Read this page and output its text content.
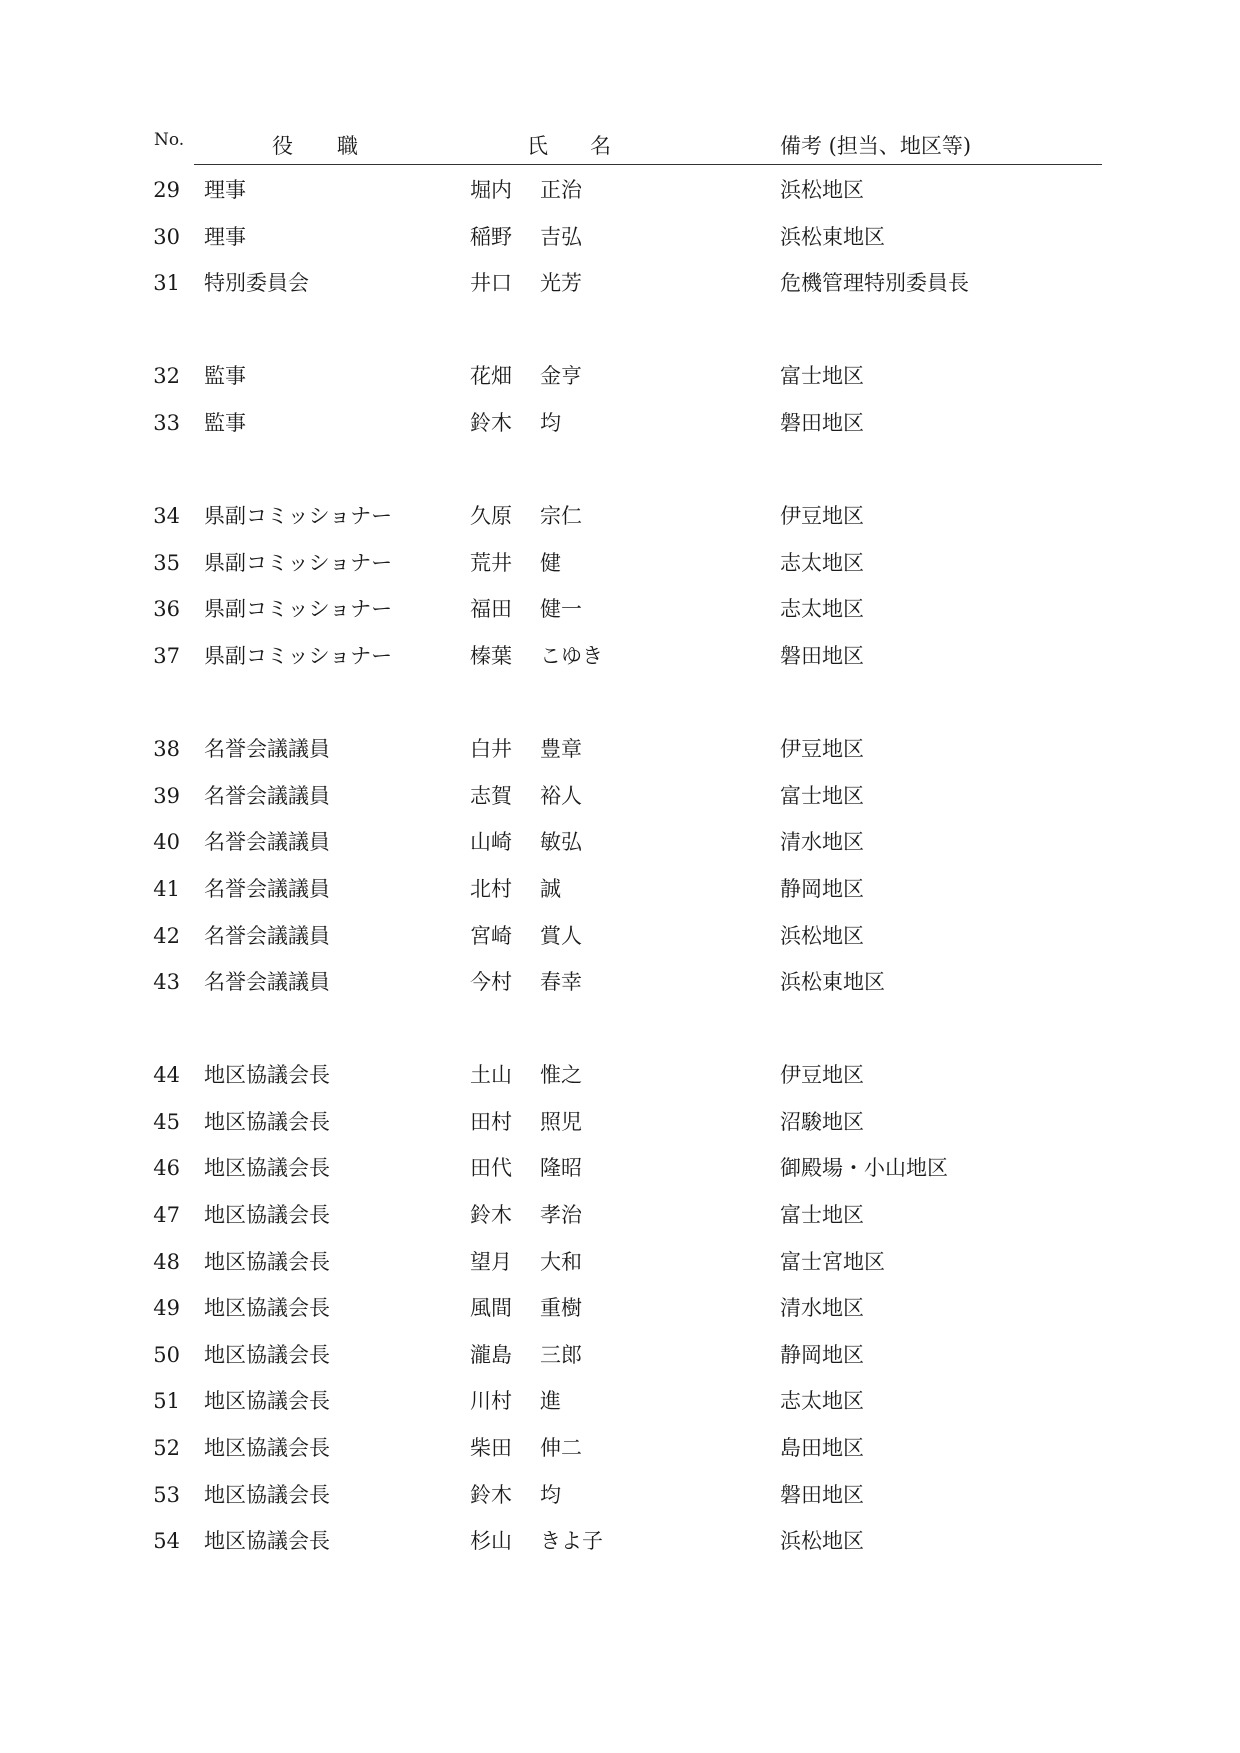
No.	役職	氏名	備考 (担当、地区等)
29 理事	堀内 正治	浜松地区
30 理事	稲野 吉弘	浜松東地区
31 特別委員会	井口 光芳	危機管理特別委員長
32 監事	花畑 金亨	富士地区
33 監事	鈴木 均	磐田地区
34 県副コミッショナー	久原 宗仁	伊豆地区
35 県副コミッショナー	荒井 健	志太地区
36 県副コミッショナー	福田 健一	志太地区
37 県副コミッショナー	榛葉 こゆき	磐田地区
38 名誉会議議員	白井 豊章	伊豆地区
39 名誉会議議員	志賀 裕人	富士地区
40 名誉会議議員	山崎 敏弘	清水地区
41 名誉会議議員	北村 誠	静岡地区
42 名誉会議議員	宮崎 賞人	浜松地区
43 名誉会議議員	今村 春幸	浜松東地区
44 地区協議会長	土山 惟之	伊豆地区
45 地区協議会長	田村 照児	沼駿地区
46 地区協議会長	田代 隆昭	御殿場・小山地区
47 地区協議会長	鈴木 孝治	富士地区
48 地区協議会長	望月 大和	富士宮地区
49 地区協議会長	風間 重樹	清水地区
50 地区協議会長	瀧島 三郎	静岡地区
51 地区協議会長	川村 進	志太地区
52 地区協議会長	柴田 伸二	島田地区
53 地区協議会長	鈴木 均	磐田地区
54 地区協議会長	杉山 きよ子	浜松地区
